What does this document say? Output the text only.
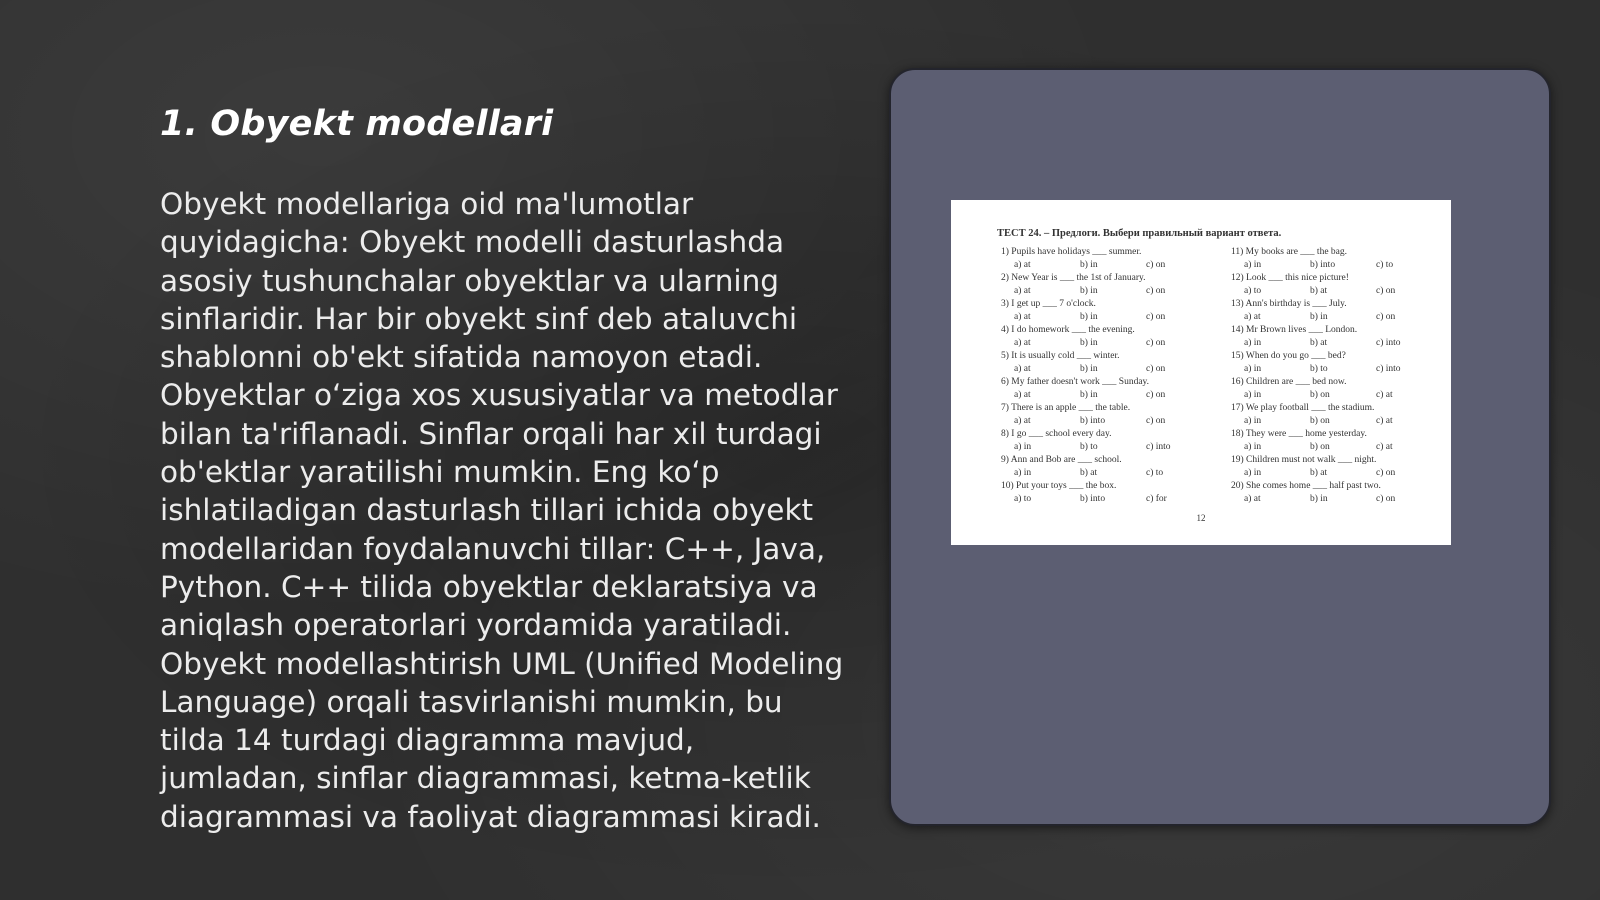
1. Obyekt modellari

Obyekt modellariga oid ma'lumotlar quyidagicha: Obyekt modelli dasturlashda asosiy tushunchalar obyektlar va ularning sinflaridir. Har bir obyekt sinf deb ataluvchi shablonni ob'ekt sifatida namoyon etadi. Obyektlar o‘ziga xos xususiyatlar va metodlar bilan ta'riflanadi. Sinflar orqali har xil turdagi ob'ektlar yaratilishi mumkin. Eng ko‘p ishlatiladigan dasturlash tillari ichida obyekt modellaridan foydalanuvchi tillar: C++, Java, Python. C++ tilida obyektlar deklaratsiya va aniqlash operatorlari yordamida yaratiladi. Obyekt modellashtirish UML (Unified Modeling Language) orqali tasvirlanishi mumkin, bu tilda 14 turdagi diagramma mavjud, jumladan, sinflar diagrammasi, ketma-ketlik diagrammasi va faoliyat diagrammasi kiradi.

ТЕСТ 24. – Предлоги. Выбери правильный вариант ответа.
1) Pupils have holidays ___ summer.
a) at	b) in	c) on
2) New Year is ___ the 1st of January.
a) at	b) in	c) on
3) I get up ___ 7 o'clock.
a) at	b) in	c) on
4) I do homework ___ the evening.
a) at	b) in	c) on
5) It is usually cold ___ winter.
a) at	b) in	c) on
6) My father doesn't work ___ Sunday.
a) at	b) in	c) on
7) There is an apple ___ the table.
a) at	b) into	c) on
8) I go ___ school every day.
a) in	b) to	c) into
9) Ann and Bob are ___ school.
a) in	b) at	c) to
10) Put your toys ___ the box.
a) to	b) into	c) for
11) My books are ___ the bag.
a) in	b) into	c) to
12) Look ___ this nice picture!
a) to	b) at	c) on
13) Ann's birthday is ___ July.
a) at	b) in	c) on
14) Mr Brown lives ___ London.
a) in	b) at	c) into
15) When do you go ___ bed?
a) in	b) to	c) into
16) Children are ___ bed now.
a) in	b) on	c) at
17) We play football ___ the stadium.
a) in	b) on	c) at
18) They were ___ home yesterday.
a) in	b) on	c) at
19) Children must not walk ___ night.
a) in	b) at	c) on
20) She comes home ___ half past two.
a) at	b) in	c) on
12
